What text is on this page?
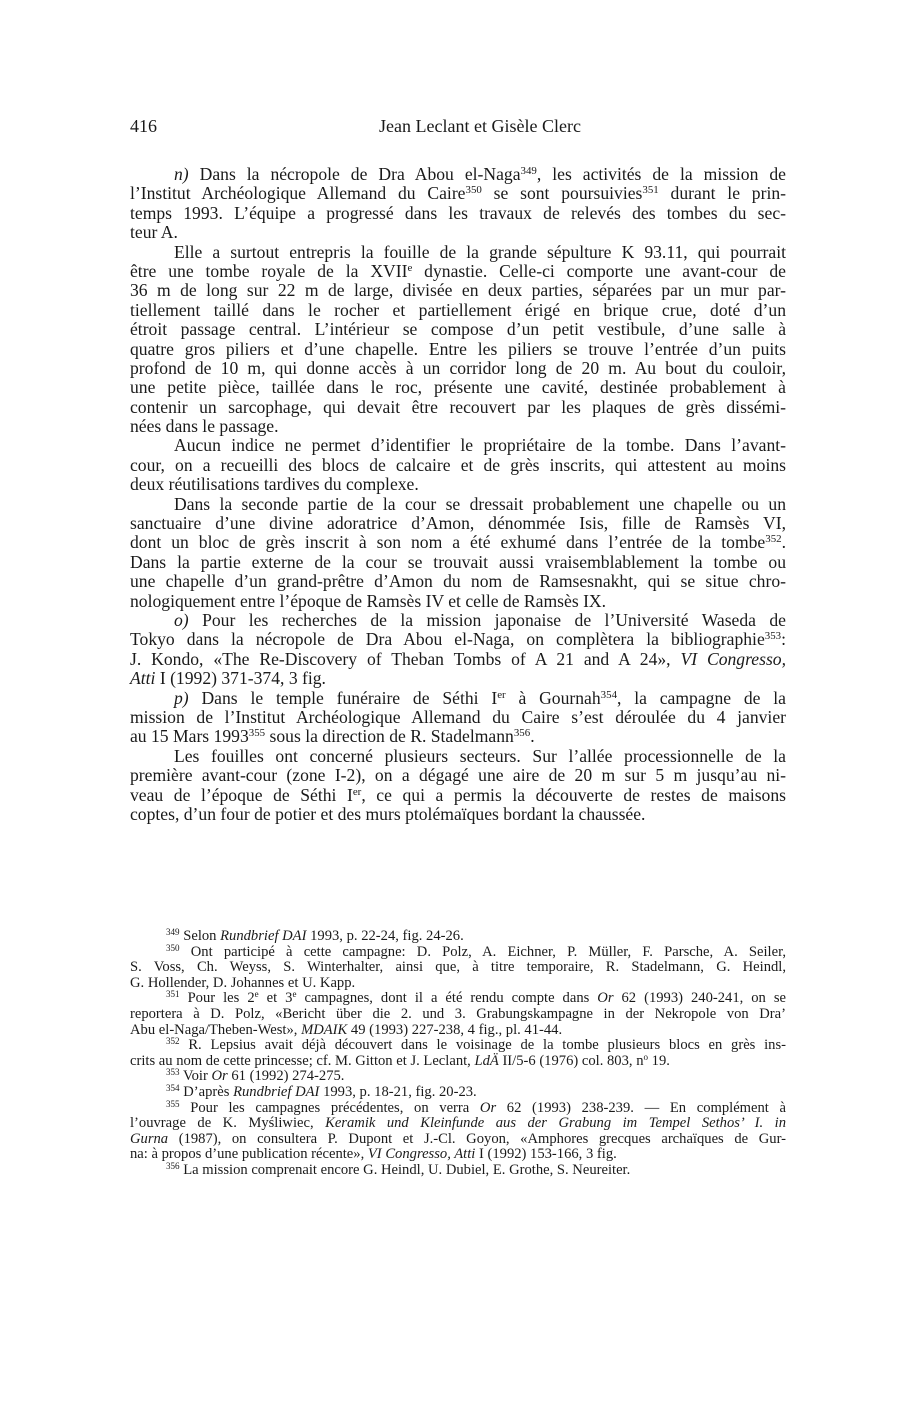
416	Jean Leclant et Gisèle Clerc
n) Dans la nécropole de Dra Abou el-Naga$^{349}$, les activités de la mission de
l’Institut Archéologique Allemand du Caire$^{350}$ se sont poursuivies$^{351}$ durant le prin-
temps 1993. L’équipe a progressé dans les travaux de relevés des tombes du sec-
teur A.
Elle a surtout entrepris la fouille de la grande sépulture K 93.11, qui pourrait
être une tombe royale de la XVIIe dynastie. Celle-ci comporte une avant-cour de
36 m de long sur 22 m de large, divisée en deux parties, séparées par un mur par-
tiellement taillé dans le rocher et partiellement érigé en brique crue, doté d’un
étroit passage central. L’intérieur se compose d’un petit vestibule, d’une salle à
quatre gros piliers et d’une chapelle. Entre les piliers se trouve l’entrée d’un puits
profond de 10 m, qui donne accès à un corridor long de 20 m. Au bout du couloir,
une petite pièce, taillée dans le roc, présente une cavité, destinée probablement à
contenir un sarcophage, qui devait être recouvert par les plaques de grès dissémi-
nées dans le passage.
Aucun indice ne permet d’identifier le propriétaire de la tombe. Dans l’avant-
cour, on a recueilli des blocs de calcaire et de grès inscrits, qui attestent au moins
deux réutilisations tardives du complexe.
Dans la seconde partie de la cour se dressait probablement une chapelle ou un
sanctuaire d’une divine adoratrice d’Amon, dénommée Isis, fille de Ramsès VI,
dont un bloc de grès inscrit à son nom a été exhumé dans l’entrée de la tombe$^{352}$.
Dans la partie externe de la cour se trouvait aussi vraisemblablement la tombe ou
une chapelle d’un grand-prêtre d’Amon du nom de Ramsesnakht, qui se situe chro-
nologiquement entre l’époque de Ramsès IV et celle de Ramsès IX.
o) Pour les recherches de la mission japonaise de l’Université Waseda de
Tokyo dans la nécropole de Dra Abou el-Naga, on complètera la bibliographie$^{353}$:
J. Kondo, «The Re-Discovery of Theban Tombs of A 21 and A 24», VI Congresso,
Atti I (1992) 371-374, 3 fig.
p) Dans le temple funéraire de Séthi Ier à Gournah$^{354}$, la campagne de la
mission de l’Institut Archéologique Allemand du Caire s’est déroulée du 4 janvier
au 15 Mars 1993$^{355}$ sous la direction de R. Stadelmann$^{356}$.
Les fouilles ont concerné plusieurs secteurs. Sur l’allée processionnelle de la
première avant-cour (zone I-2), on a dégagé une aire de 20 m sur 5 m jusqu’au ni-
veau de l’époque de Séthi Ier, ce qui a permis la découverte de restes de maisons
coptes, d’un four de potier et des murs ptolémaïques bordant la chaussée.
$^{349}$ Selon Rundbrief DAI 1993, p. 22-24, fig. 24-26.
$^{350}$ Ont participé à cette campagne: D. Polz, A. Eichner, P. Müller, F. Parsche, A. Seiler,
S. Voss, Ch. Weyss, S. Winterhalter, ainsi que, à titre temporaire, R. Stadelmann, G. Heindl,
G. Hollender, D. Johannes et U. Kapp.
$^{351}$ Pour les 2e et 3e campagnes, dont il a été rendu compte dans Or 62 (1993) 240-241, on se
reportera à D. Polz, «Bericht über die 2. und 3. Grabungskampagne in der Nekropole von Dra’
Abu el-Naga/Theben-West», MDAIK 49 (1993) 227-238, 4 fig., pl. 41-44.
$^{352}$ R. Lepsius avait déjà découvert dans le voisinage de la tombe plusieurs blocs en grès ins-
crits au nom de cette princesse; cf. M. Gitton et J. Leclant, LdÄ II/5-6 (1976) col. 803, $n^o$ 19.
$^{353}$ Voir Or 61 (1992) 274-275.
$^{354}$ D’après Rundbrief DAI 1993, p. 18-21, fig. 20-23.
$^{355}$ Pour les campagnes précédentes, on verra Or 62 (1993) 238-239. — En complément à
l’ouvrage de K. Myśliwiec, Keramik und Kleinfunde aus der Grabung im Tempel Sethos’ I. in
Gurna (1987), on consultera P. Dupont et J.-Cl. Goyon, «Amphores grecques archaïques de Gur-
na: à propos d’une publication récente», VI Congresso, Atti I (1992) 153-166, 3 fig.
$^{356}$ La mission comprenait encore G. Heindl, U. Dubiel, E. Grothe, S. Neureiter.
